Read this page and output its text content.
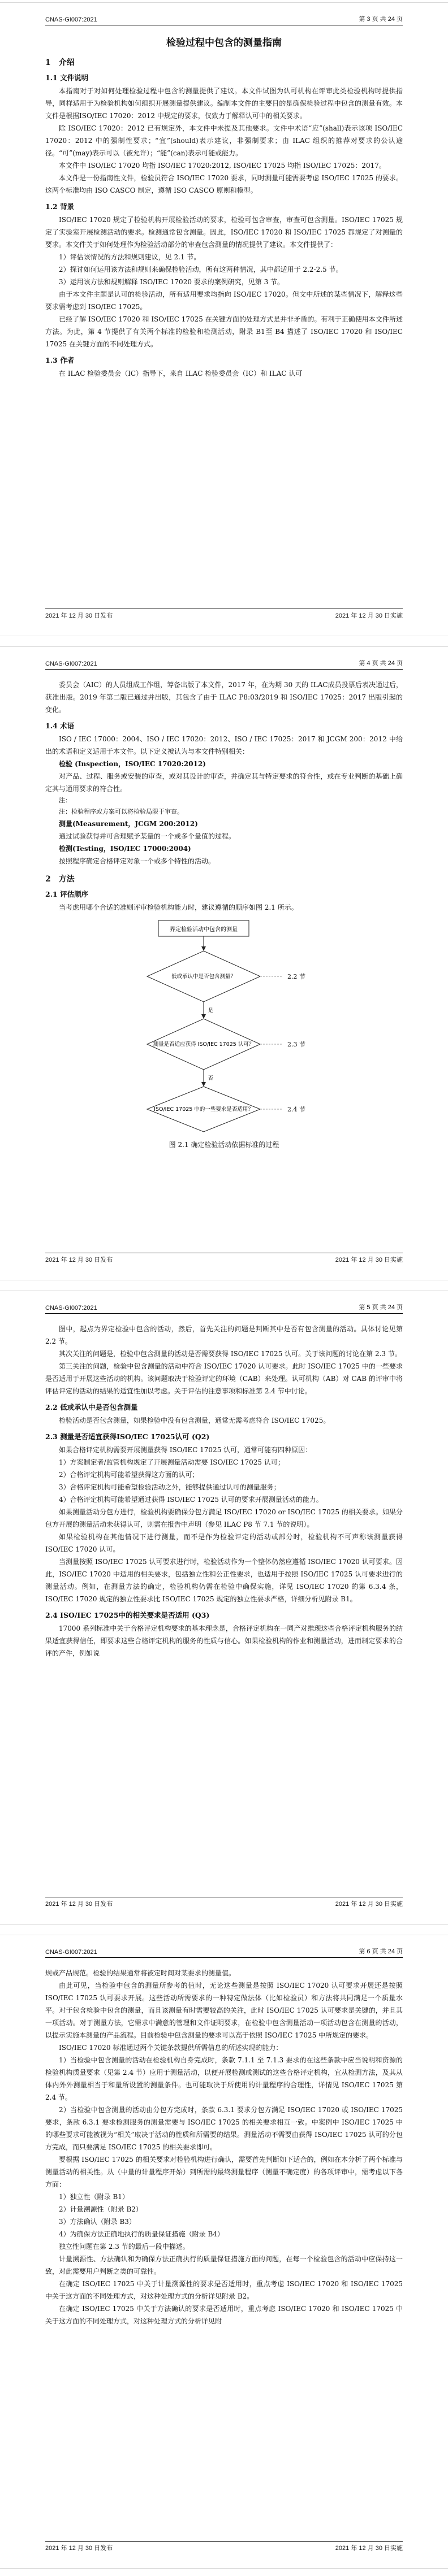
CNAS-GI007:2021	第 3 页 共 24 页
检验过程中包含的测量指南
1　介绍
1.1 文件说明

本指南对于对如何处理检验过程中包含的测量提供了建议。本文件试图为认可机构在评审此类检验机构时提供指导，同样适用于为检验机构如何组织开展测量提供建议。编制本文件的主要目的是确保检验过程中包含的测量有效。本文件是根据ISO/IEC 17020：2012 中规定的要求，仅致力于解释认可中的相关要求。

除 ISO/IEC 17020：2012 已有规定外，本文件中未提及其他要求。文件中术语“应”(shall)表示该项 ISO/IEC 17020：2012 中的强制性要求；“宜”(should)表示建议，非强制要求；由 ILAC 组织的推荐对要求的公认途径。“可”(may)表示可以（被允许）；“能”(can)表示可能或能力。

本文件中 ISO/IEC 17020 均指 ISO/IEC 17020:2012, ISO/IEC 17025 均指 ISO/IEC 17025：2017。

本文件是一份指南性文件，检验员符合 ISO/IEC 17020 要求，同时测量可能需要考虑 ISO/IEC 17025 的要求。这两个标准均由 ISO CASCO 制定，遵循 ISO CASCO 原则和模型。

1.2 背景

ISO/IEC 17020 规定了检验机构开展检验活动的要求，检验可包含审查，审查可包含测量。ISO/IEC 17025 规定了实验室开展检测活动的要求。检测通常包含测量。因此，ISO/IEC 17020 和 ISO/IEC 17025 都规定了对测量的要求。本文件关于如何处理作为检验活动部分的审查包含测量的情况提供了建议。本文件提供了：

1）评估该情况的方法和规则建议，见 2.1 节。

2）探讨如何运用该方法和规则来确保检验活动，所有这两种情况，其中都适用于 2.2-2.5 节。

3）运用该方法和规则解释 ISO/IEC 17020 要求的案例研究，见第 3 节。

由于本文件主题是认可的检验活动，所有适用要求均指向 ISO/IEC 17020。但文中所述的某些情况下，解释这些要求需考虑到 ISO/IEC 17025。

已经了解 ISO/IEC 17020 和 ISO/IEC 17025 在关键方面的处理方式是并非矛盾的。有利于正确使用本文件所述方法。为此，第 4 节提供了有关两个标准的检验和检测活动，附录 B1至 B4 描述了 ISO/IEC 17020 和 ISO/IEC 17025 在关键方面的不同处理方式。

1.3 作者

在 ILAC 检验委员会（IC）指导下，来自 ILAC 检验委员会（IC）和 ILAC 认可

2021 年 12 月 30 日发布	2021 年 12 月 30 日实施
CNAS-GI007:2021	第 4 页 共 24 页

委员会（AIC）的人员组成工作组，筹备出版了本文件，2017 年，在为期 30 天的 ILAC成员投票后表决通过后，获准出版。2019 年第二版已通过并出版，其包含了由于 ILAC P8:03/2019 和 ISO/IEC 17025：2017 出版引起的变化。

1.4 术语

ISO / IEC 17000：2004、ISO / IEC 17020：2012、ISO / IEC 17025：2017 和 JCGM 200：2012 中给出的术语和定义适用于本文件。以下定义被认为与本文件特别相关：

检验 (Inspection，ISO/IEC 17020:2012)

对产品、过程、服务或安装的审查，或对其设计的审查，并确定其与特定要求的符合性，或在专业判断的基础上确定其与通用要求的符合性。

注：

注：检验程序或方案可以将检验局限于审查。

测量(Measurement，JCGM 200:2012)

通过试验获得并可合理赋予某量的一个或多个量值的过程。

检测(Testing，ISO/IEC 17000:2004)

按照程序确定合格评定对象一个或多个特性的活动。

2　方法
2.1 评估顺序

当考虑用哪个合适的准则评审检验机构能力时，建议遵循的顺序如图 2.1 所示。

界定检验活动中包含的测量
低或承认中是否包含测量？	2.2 节
是
测量是否适应获得 ISO/IEC 17025 认可？	2.3 节
否
ISO/IEC 17025 中的一些要求是否适用？	2.4 节
图 2.1 确定检验活动依据标准的过程
2021 年 12 月 30 日发布	2021 年 12 月 30 日实施
CNAS-GI007:2021	第 5 页 共 24 页

图中，起点为界定检验中包含的活动，然后，首先关注的问题是判断其中是否有包含测量的活动。具体讨论见第 2.2 节。

其次关注的问题是，检验中包含测量的活动是否需要获得 ISO/IEC 17025 认可。关于该问题的讨论在第 2.3 节。

第三关注的问题，检验中包含测量的活动中符合 ISO/IEC 17020 认可要求。此时 ISO/IEC 17025 中的一些要求是否适用于开展这些活动的机构。该问题取决于检验评定的环境（CAB）来处理。认可机构（AB）对 CAB 的评审中将评估评定的活动的结果的适宜性加以考虑。关于评估的注意事项和标准第 2.4 节中讨论。

2.2 低或承认中是否包含测量

检验活动是否包含测量，如果检验中没有包含测量，通常无需考虑符合 ISO/IEC 17025。

2.3 测量是否适宜获得ISO/IEC 17025认可 (Q2)

如果合格评定机构需要开展测量获得 ISO/IEC 17025 认可，通常可能有四种原因：

1）方案制定者/监管机构规定了开展测量活动需要 ISO/IEC 17025 认可；

2）合格评定机构可能希望获得这方面的认可；

3）合格评定机构可能希望检验活动之外，能够提供通过认可的测量服务；

4）合格评定机构可能希望通过获得 ISO/IEC 17025 认可的要求开展测量活动的能力。

如果测量活动分包方进行，检验机构要确保分包方满足 ISO/IEC 17020 or ISO/IEC 17025 的相关要求。如果分包方开展的测量活动未获得认可，则需在报告中声明（参见 ILAC P8 节 7.1 节的说明）。

如果检验机构在其他情况下进行测量，而不是作为检验评定的活动或部分时，检验机构不可声称该测量获得 ISO/IEC 17020 认可。

当测量按照 ISO/IEC 17025 认可要求进行时，检验活动作为一个整体仍然应遵循 ISO/IEC 17020 认可要求。因此，ISO/IEC 17020 中适用的相关要求，包括独立性和公正性要求，也适用于按照 ISO/IEC 17025 认可要求进行的测量活动。例如，在测量方法的确定，检验机构仍需在检验中确保实施，详见 ISO/IEC 17020 的第 6.3.4 条，ISO/IEC 17020 规定的独立性要求比 ISO/IEC 17025 规定的独立性要求严格，详细分析见附录 B1。

2.4 ISO/IEC 17025中的相关要求是否适用 (Q3)

17000 系列标准中关于合格评定机构要求的基本理念是，合格评定机构在一同产对维现这些合格评定机构服务的结果适宜获得信任，即要求这些合格评定机构的服务的性质与信心。如果检验机构的作业和测量活动，进而制定要求的合评的产件，例如说

2021 年 12 月 30 日发布	2021 年 12 月 30 日实施
CNAS-GI007:2021	第 6 页 共 24 页

规或产品规范。检验的结果通常将被定时间对某要求的测量值。

由此可见，当检验中包含的测量所参考的值时，无论这些测量是按照 ISO/IEC 17020 认可要求开展还是按照 ISO/IEC 17025 认可要求开展。这些活动所需要求的一种特定做法体（比如检验员）和方法将共同满足一个质量水平。对于包含检验中包含的测量，而且该测量有时需要较高的关注，此时 ISO/IEC 17025 认可要求是关键的，并且其一项活动。对于测量方法，它需求中满意的管理和文件证明要求，在检验中包含测量活动一项活动包含在测量的活动，以提示实施本测量的产品流程。目前检验中包含测量的要求可以高于依照 ISO/IEC 17025 中所规定的要求。

ISO/IEC 17020 标准通过两个关键条款提供所需信息的所述实现的能力：

1）当检验中包含测量的活动在检验机构自身完成时，条款 7.1.1 至 7.1.3 要求的在这些条款中应当说明和资源的检验机构质量要求（见第 2.4 节）应用于测量活动，以便开展检测或测试的这些合格评定机构，宜从检测方法，及其从体内外外测量相当于和量所设置的测量条件。也可能取决于所使用的计量程序的合理性，详情见 ISO/IEC 17025 第 2.4 节。

2）当检验中包含测量的活动由分包方完成时，条款 6.3.1 要求分包方满足 ISO/IEC 17020 或 ISO/IEC 17025 要求，条款 6.3.1 要求检测服务的测量需要与 ISO/IEC 17025 的相关要求相互一致。中案例中 ISO/IEC 17025 中的哪些要求可能被视为“相关”取决于活动的性质和所需要的结果。测量活动不需要由获得 ISO/IEC 17025 认可的分包方完成，而只要满足 ISO/IEC 17025 的相关要求即可。

要根据 ISO/IEC 17025 的相关要求对检验机构进行确认，需要首先判断如下适合的，例如在本分析了两个标准与测量活动的相关性。从（中量的计量程序开始）到所需的最终测量程序（测量不确定度）的各项评审中，需考虑以下各方面：

1）独立性（附录 B1）

2）计量溯源性（附录 B2）

3）方法确认（附录 B3）

4）为确保方法正确地执行的质量保证措施（附录 B4）

独立性问题在第 2.3 节的最后一段中描述。

计量溯源性、方法确认和为确保方法正确执行的质量保证措施方面的问题，在每一个检验包含的活动中应保持这一致，对此需要用户判断之类的可靠性。

在确定 ISO/IEC 17025 中关于计量溯源性的要求是否适用时，重点考虑 ISO/IEC 17020 和 ISO/IEC 17025 中关于这方面的不同处理方式，对这种处理方式的分析详见附录 B2。

在确定 ISO/IEC 17025 中关于方法确认的要求是否适用时，重点考虑 ISO/IEC 17020 和 ISO/IEC 17025 中关于这方面的不同处理方式，对这种处理方式的分析详见附

2021 年 12 月 30 日发布	2021 年 12 月 30 日实施
